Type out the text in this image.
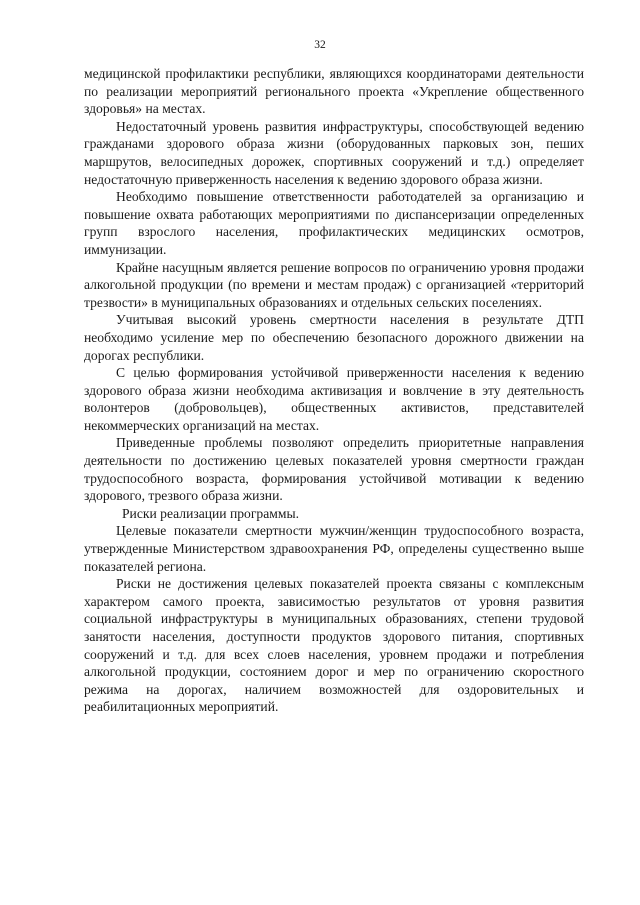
32

медицинской профилактики республики, являющихся координаторами деятельности по реализации мероприятий регионального проекта «Укрепление общественного здоровья» на местах.

Недостаточный уровень развития инфраструктуры, способствующей ведению гражданами здорового образа жизни (оборудованных парковых зон, пеших маршрутов, велосипедных дорожек, спортивных сооружений и т.д.) определяет недостаточную приверженность населения к ведению здорового образа жизни.

Необходимо повышение ответственности работодателей за организацию и повышение охвата работающих мероприятиями по диспансеризации определенных групп взрослого населения, профилактических медицинских осмотров, иммунизации.

Крайне насущным является решение вопросов по ограничению уровня продажи алкогольной продукции (по времени и местам продаж) с организацией «территорий трезвости» в муниципальных образованиях и отдельных сельских поселениях.

Учитывая высокий уровень смертности населения в результате ДТП необходимо усиление мер по обеспечению безопасного дорожного движении на дорогах республики.

С целью формирования устойчивой приверженности населения к ведению здорового образа жизни необходима активизация и вовлчение в эту деятельность волонтеров (добровольцев), общественных активистов, представителей некоммерческих организаций на местах.

Приведенные проблемы позволяют определить приоритетные направления деятельности по достижению целевых показателей уровня смертности граждан трудоспособного возраста, формирования устойчивой мотивации к ведению здорового, трезвого образа жизни.

Риски реализации программы.

Целевые показатели смертности мужчин/женщин трудоспособного возраста, утвержденные Министерством здравоохранения РФ, определены существенно выше показателей региона.

Риски не достижения целевых показателей проекта связаны с комплексным характером самого проекта, зависимостью результатов от уровня развития социальной инфраструктуры в муниципальных образованиях, степени трудовой занятости населения, доступности продуктов здорового питания, спортивных сооружений и т.д. для всех слоев населения, уровнем продажи и потребления алкогольной продукции, состоянием дорог и мер по ограничению скоростного режима на дорогах, наличием возможностей для оздоровительных и реабилитационных мероприятий.
